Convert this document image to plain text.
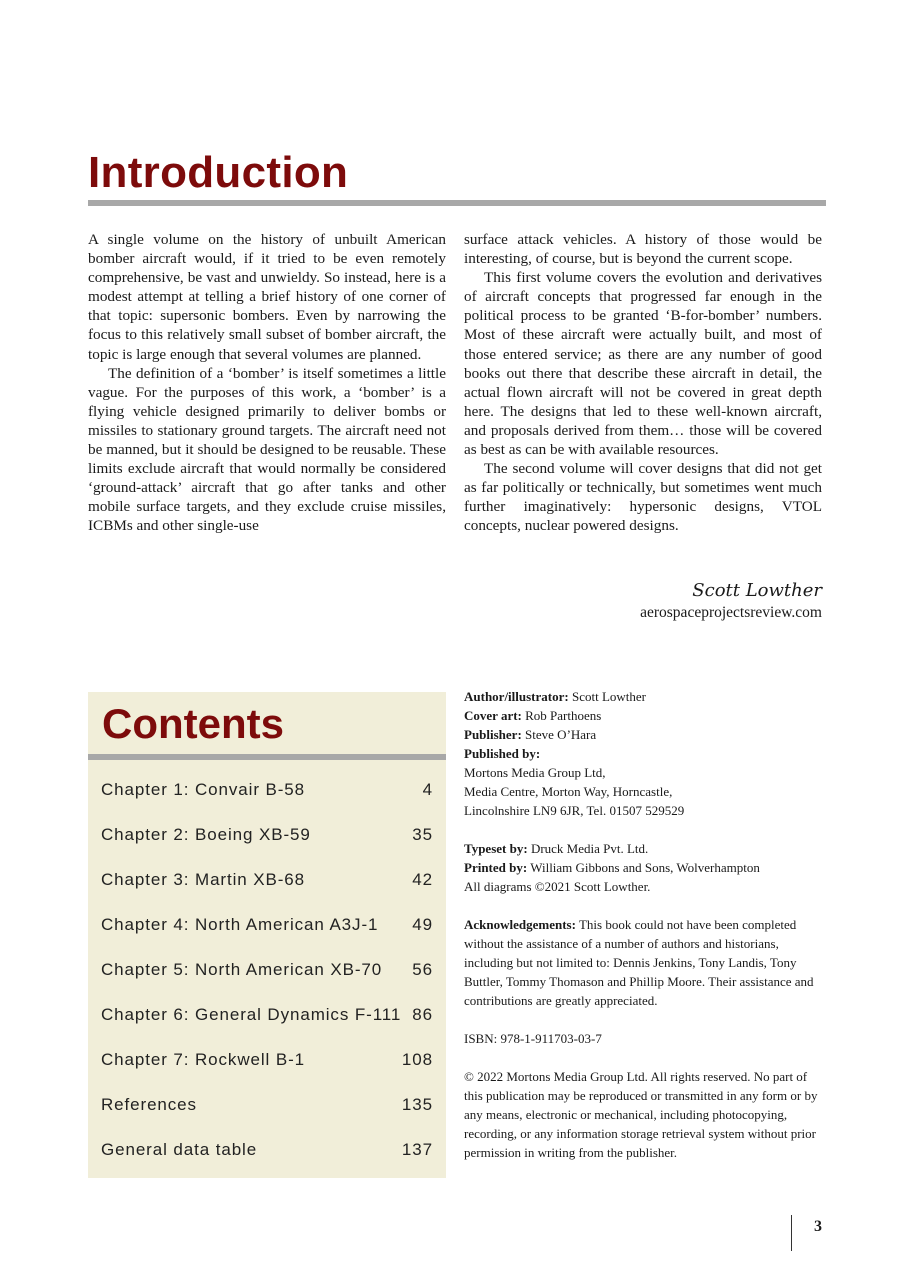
Introduction

A single volume on the history of unbuilt American bomber aircraft would, if it tried to be even remotely comprehensive, be vast and unwieldy. So instead, here is a modest attempt at telling a brief history of one corner of that topic: supersonic bombers. Even by narrowing the focus to this relatively small subset of bomber aircraft, the topic is large enough that several volumes are planned.

The definition of a ‘bomber’ is itself sometimes a little vague. For the purposes of this work, a ‘bomber’ is a flying vehicle designed primarily to deliver bombs or missiles to stationary ground targets. The aircraft need not be manned, but it should be designed to be reusable. These limits exclude aircraft that would normally be considered ‘ground-attack’ aircraft that go after tanks and other mobile surface targets, and they exclude cruise missiles, ICBMs and other single-use

surface attack vehicles. A history of those would be interesting, of course, but is beyond the current scope.

This first volume covers the evolution and derivatives of aircraft concepts that progressed far enough in the political process to be granted ‘B-for-bomber’ numbers. Most of these aircraft were actually built, and most of those entered service; as there are any number of good books out there that describe these aircraft in detail, the actual flown aircraft will not be covered in great depth here. The designs that led to these well-known aircraft, and proposals derived from them… those will be covered as best as can be with available resources.

The second volume will cover designs that did not get as far politically or technically, but sometimes went much further imaginatively: hypersonic designs, VTOL concepts, nuclear powered designs.

Scott Lowther
aerospaceprojectsreview.com
Contents
Chapter 1: Convair B-58	4
Chapter 2: Boeing XB-59	35
Chapter 3: Martin XB-68	42
Chapter 4: North American A3J-1 49
Chapter 5: North American XB-70 56
Chapter 6: General Dynamics F-111 86
Chapter 7: Rockwell B-1	108
References	135
General data table	137
Author/illustrator: Scott Lowther
Cover art: Rob Parthoens
Publisher: Steve O’Hara
Published by:
Mortons Media Group Ltd,
Media Centre, Morton Way, Horncastle,
Lincolnshire LN9 6JR, Tel. 01507 529529
Typeset by: Druck Media Pvt. Ltd.
Printed by: William Gibbons and Sons, Wolverhampton
All diagrams ©2021 Scott Lowther.
Acknowledgements: This book could not have been completed without the assistance of a number of authors and historians, including but not limited to: Dennis Jenkins, Tony Landis, Tony Buttler, Tommy Thomason and Phillip Moore. Their assistance and contributions are greatly appreciated.
ISBN: 978-1-911703-03-7
© 2022 Mortons Media Group Ltd. All rights reserved. No part of this publication may be reproduced or transmitted in any form or by any means, electronic or mechanical, including photocopying, recording, or any information storage retrieval system without prior permission in writing from the publisher.
3
